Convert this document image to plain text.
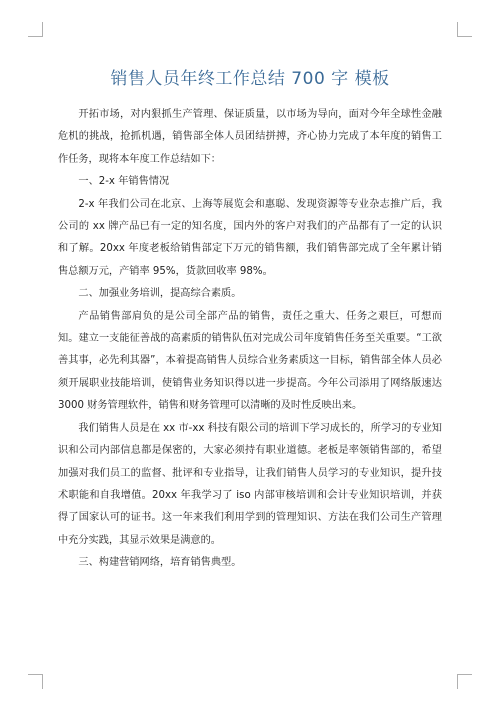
销售人员年终工作总结 700 字 模板

开拓市场，对内狠抓生产管理、保证质量，以市场为导向，面对今年全球性金融危机的挑战，抢抓机遇，销售部全体人员团结拼搏，齐心协力完成了本年度的销售工作任务，现将本年度工作总结如下：

一、2-x 年销售情况

2-x 年我们公司在北京、上海等展览会和惠聪、发现资源等专业杂志推广后，我公司的 xx 牌产品已有一定的知名度，国内外的客户对我们的产品都有了一定的认识和了解。20xx 年度老板给销售部定下万元的销售额，我们销售部完成了全年累计销售总额万元，产销率 95%，货款回收率 98%。

二、加强业务培训，提高综合素质。

产品销售部肩负的是公司全部产品的销售，责任之重大、任务之艰巨，可想而知。建立一支能征善战的高素质的销售队伍对完成公司年度销售任务至关重要。“工欲善其事，必先利其器”，本着提高销售人员综合业务素质这一目标，销售部全体人员必须开展职业技能培训，使销售业务知识得以进一步提高。今年公司添用了网络版速达 3000 财务管理软件，销售和财务管理可以清晰的及时性反映出来。

我们销售人员是在 xx 市-xx 科技有限公司的培训下学习成长的，所学习的专业知识和公司内部信息都是保密的，大家必须持有职业道德。老板是率领销售部的，希望加强对我们员工的监督、批评和专业指导，让我们销售人员学习的专业知识，提升技术职能和自我增值。20xx 年我学习了 iso 内部审核培训和会计专业知识培训，并获得了国家认可的证书。这一年来我们利用学到的管理知识、方法在我们公司生产管理中充分实践，其显示效果是满意的。

三、构建营销网络，培育销售典型。
